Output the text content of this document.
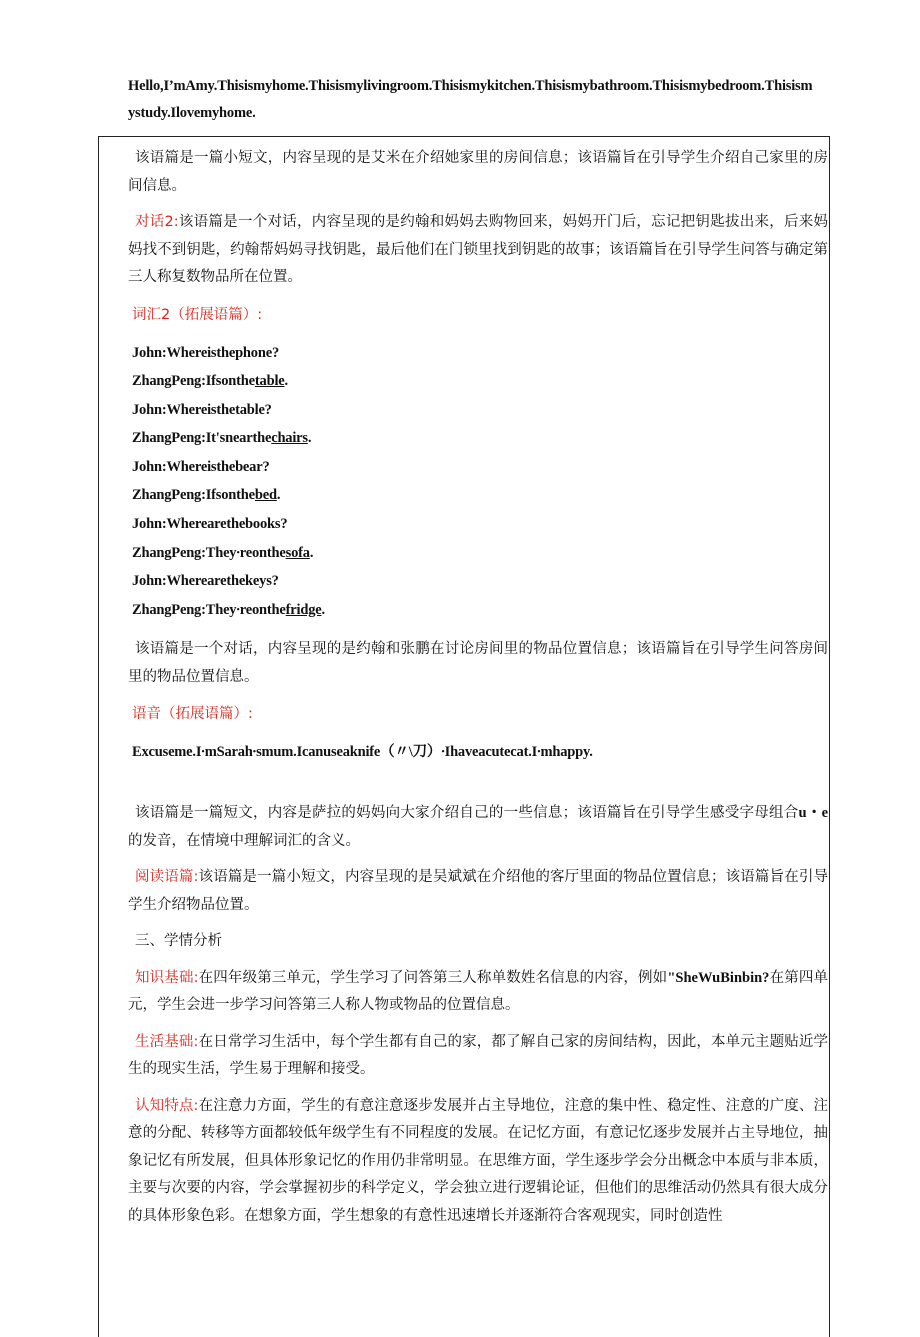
Hello,I’mAmy.Thisismyhome.Thisismylivingroom.Thisismykitchen.Thisismybathroom.Thisismybedroom.Thisismystudy.Ilovemyhome.

该语篇是一篇小短文，内容呈现的是艾米在介绍她家里的房间信息；该语篇旨在引导学生介绍自己家里的房间信息。

对话2:该语篇是一个对话，内容呈现的是约翰和妈妈去购物回来，妈妈开门后，忘记把钥匙拔出来，后来妈妈找不到钥匙，约翰帮妈妈寻找钥匙，最后他们在门锁里找到钥匙的故事；该语篇旨在引导学生问答与确定第三人称复数物品所在位置。

词汇2（拓展语篇）:

John:Whereisthephone?

ZhangPeng:Ifsonthetable.

John:Whereisthetable?

ZhangPeng:It'snearthechairs.

John:Whereisthebear?

ZhangPeng:Ifsonthebed.

John:Wherearethebooks?

ZhangPeng:They∙reonthesofa.

John:Wherearethekeys?

ZhangPeng:They∙reonthefridge.

该语篇是一个对话，内容呈现的是约翰和张鹏在讨论房间里的物品位置信息；该语篇旨在引导学生问答房间里的物品位置信息。

语音（拓展语篇）:

Excuseme.I∙mSarah∙smum.Icanuseaknife（〃\刀）∙Ihaveacutecat.I∙mhappy.

该语篇是一篇短文，内容是萨拉的妈妈向大家介绍自己的一些信息；该语篇旨在引导学生感受字母组合u・e的发音，在情境中理解词汇的含义。

阅读语篇:该语篇是一篇小短文，内容呈现的是吴斌斌在介绍他的客厅里面的物品位置信息；该语篇旨在引导学生介绍物品位置。

三、学情分析

知识基础:在四年级第三单元，学生学习了问答第三人称单数姓名信息的内容，例如"SheWuBinbin?在第四单元，学生会进一步学习问答第三人称人物或物品的位置信息。

生活基础:在日常学习生活中，每个学生都有自己的家，都了解自己家的房间结构，因此，本单元主题贴近学生的现实生活，学生易于理解和接受。

认知特点:在注意力方面，学生的有意注意逐步发展并占主导地位，注意的集中性、稳定性、注意的广度、注意的分配、转移等方面都较低年级学生有不同程度的发展。在记忆方面，有意记忆逐步发展并占主导地位，抽象记忆有所发展，但具体形象记忆的作用仍非常明显。在思维方面，学生逐步学会分出概念中本质与非本质，主要与次要的内容，学会掌握初步的科学定义，学会独立进行逻辑论证，但他们的思维活动仍然具有很大成分的具体形象色彩。在想象方面，学生想象的有意性迅速增长并逐渐符合客观现实，同时创造性
